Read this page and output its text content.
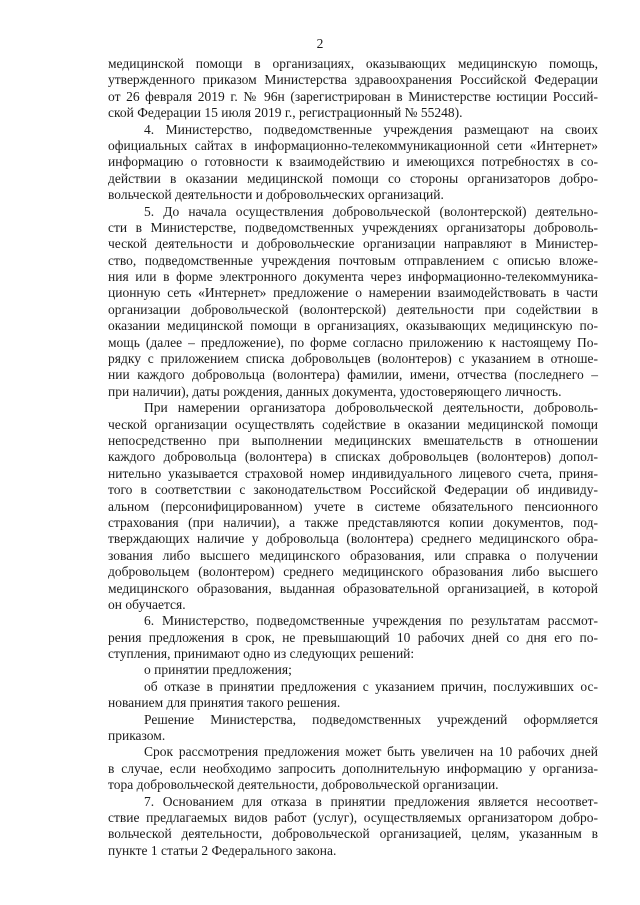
2
медицинской помощи в организациях, оказывающих медицинскую помощь,
утвержденного приказом Министерства здравоохранения Российской Федерации
от 26 февраля 2019 г. № 96н (зарегистрирован в Министерстве юстиции Россий-
ской Федерации 15 июля 2019 г., регистрационный № 55248).
4. Министерство, подведомственные учреждения размещают на своих
официальных сайтах в информационно-телекоммуникационной сети «Интернет»
информацию о готовности к взаимодействию и имеющихся потребностях в со-
действии в оказании медицинской помощи со стороны организаторов добро-
вольческой деятельности и добровольческих организаций.
5. До начала осуществления добровольческой (волонтерской) деятельно-
сти в Министерстве, подведомственных учреждениях организаторы доброволь-
ческой деятельности и добровольческие организации направляют в Министер-
ство, подведомственные учреждения почтовым отправлением с описью вложе-
ния или в форме электронного документа через информационно-телекоммуника-
ционную сеть «Интернет» предложение о намерении взаимодействовать в части
организации добровольческой (волонтерской) деятельности при содействии в
оказании медицинской помощи в организациях, оказывающих медицинскую по-
мощь (далее – предложение), по форме согласно приложению к настоящему По-
рядку с приложением списка добровольцев (волонтеров) с указанием в отноше-
нии каждого добровольца (волонтера) фамилии, имени, отчества (последнего –
при наличии), даты рождения, данных документа, удостоверяющего личность.
При намерении организатора добровольческой деятельности, доброволь-
ческой организации осуществлять содействие в оказании медицинской помощи
непосредственно при выполнении медицинских вмешательств в отношении
каждого добровольца (волонтера) в списках добровольцев (волонтеров) допол-
нительно указывается страховой номер индивидуального лицевого счета, приня-
того в соответствии с законодательством Российской Федерации об индивиду-
альном (персонифицированном) учете в системе обязательного пенсионного
страхования (при наличии), а также представляются копии документов, под-
тверждающих наличие у добровольца (волонтера) среднего медицинского обра-
зования либо высшего медицинского образования, или справка о получении
добровольцем (волонтером) среднего медицинского образования либо высшего
медицинского образования, выданная образовательной организацией, в которой
он обучается.
6. Министерство, подведомственные учреждения по результатам рассмот-
рения предложения в срок, не превышающий 10 рабочих дней со дня его по-
ступления, принимают одно из следующих решений:
о принятии предложения;
об отказе в принятии предложения с указанием причин, послуживших ос-
нованием для принятия такого решения.
Решение Министерства, подведомственных учреждений оформляется
приказом.
Срок рассмотрения предложения может быть увеличен на 10 рабочих дней
в случае, если необходимо запросить дополнительную информацию у организа-
тора добровольческой деятельности, добровольческой организации.
7. Основанием для отказа в принятии предложения является несоответ-
ствие предлагаемых видов работ (услуг), осуществляемых организатором добро-
вольческой деятельности, добровольческой организацией, целям, указанным в
пункте 1 статьи 2 Федерального закона.
